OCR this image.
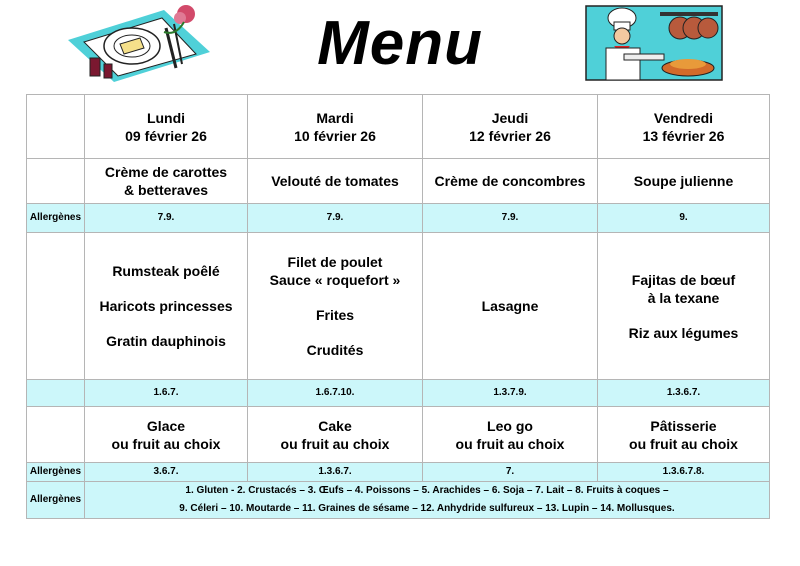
Menu

	Lundi
09 février 26	Mardi
10 février 26	Jeudi
12 février 26	Vendredi
13 février 26

	Crème de carottes
& betteraves	Velouté de tomates	Crème de concombres	Soupe julienne

Allergènes	7.9.	7.9.	7.9.	9.

	Rumsteak poêlé
Haricots princesses
Gratin dauphinois	Filet de poulet
Sauce « roquefort »
Frites
Crudités	Lasagne	Fajitas de bœuf
à la texane
Riz aux légumes

	1.6.7.	1.6.7.10.	1.3.7.9.	1.3.6.7.

	Glace
ou fruit au choix	Cake
ou fruit au choix	Leo go
ou fruit au choix	Pâtisserie
ou fruit au choix

Allergènes	3.6.7.	1.3.6.7.	7.	1.3.6.7.8.
Allergènes	1. Gluten - 2. Crustacés – 3. Œufs – 4. Poissons – 5. Arachides – 6. Soja – 7. Lait – 8. Fruits à coques –
9. Céleri – 10. Moutarde – 11. Graines de sésame – 12. Anhydride sulfureux – 13. Lupin – 14. Mollusques.			
